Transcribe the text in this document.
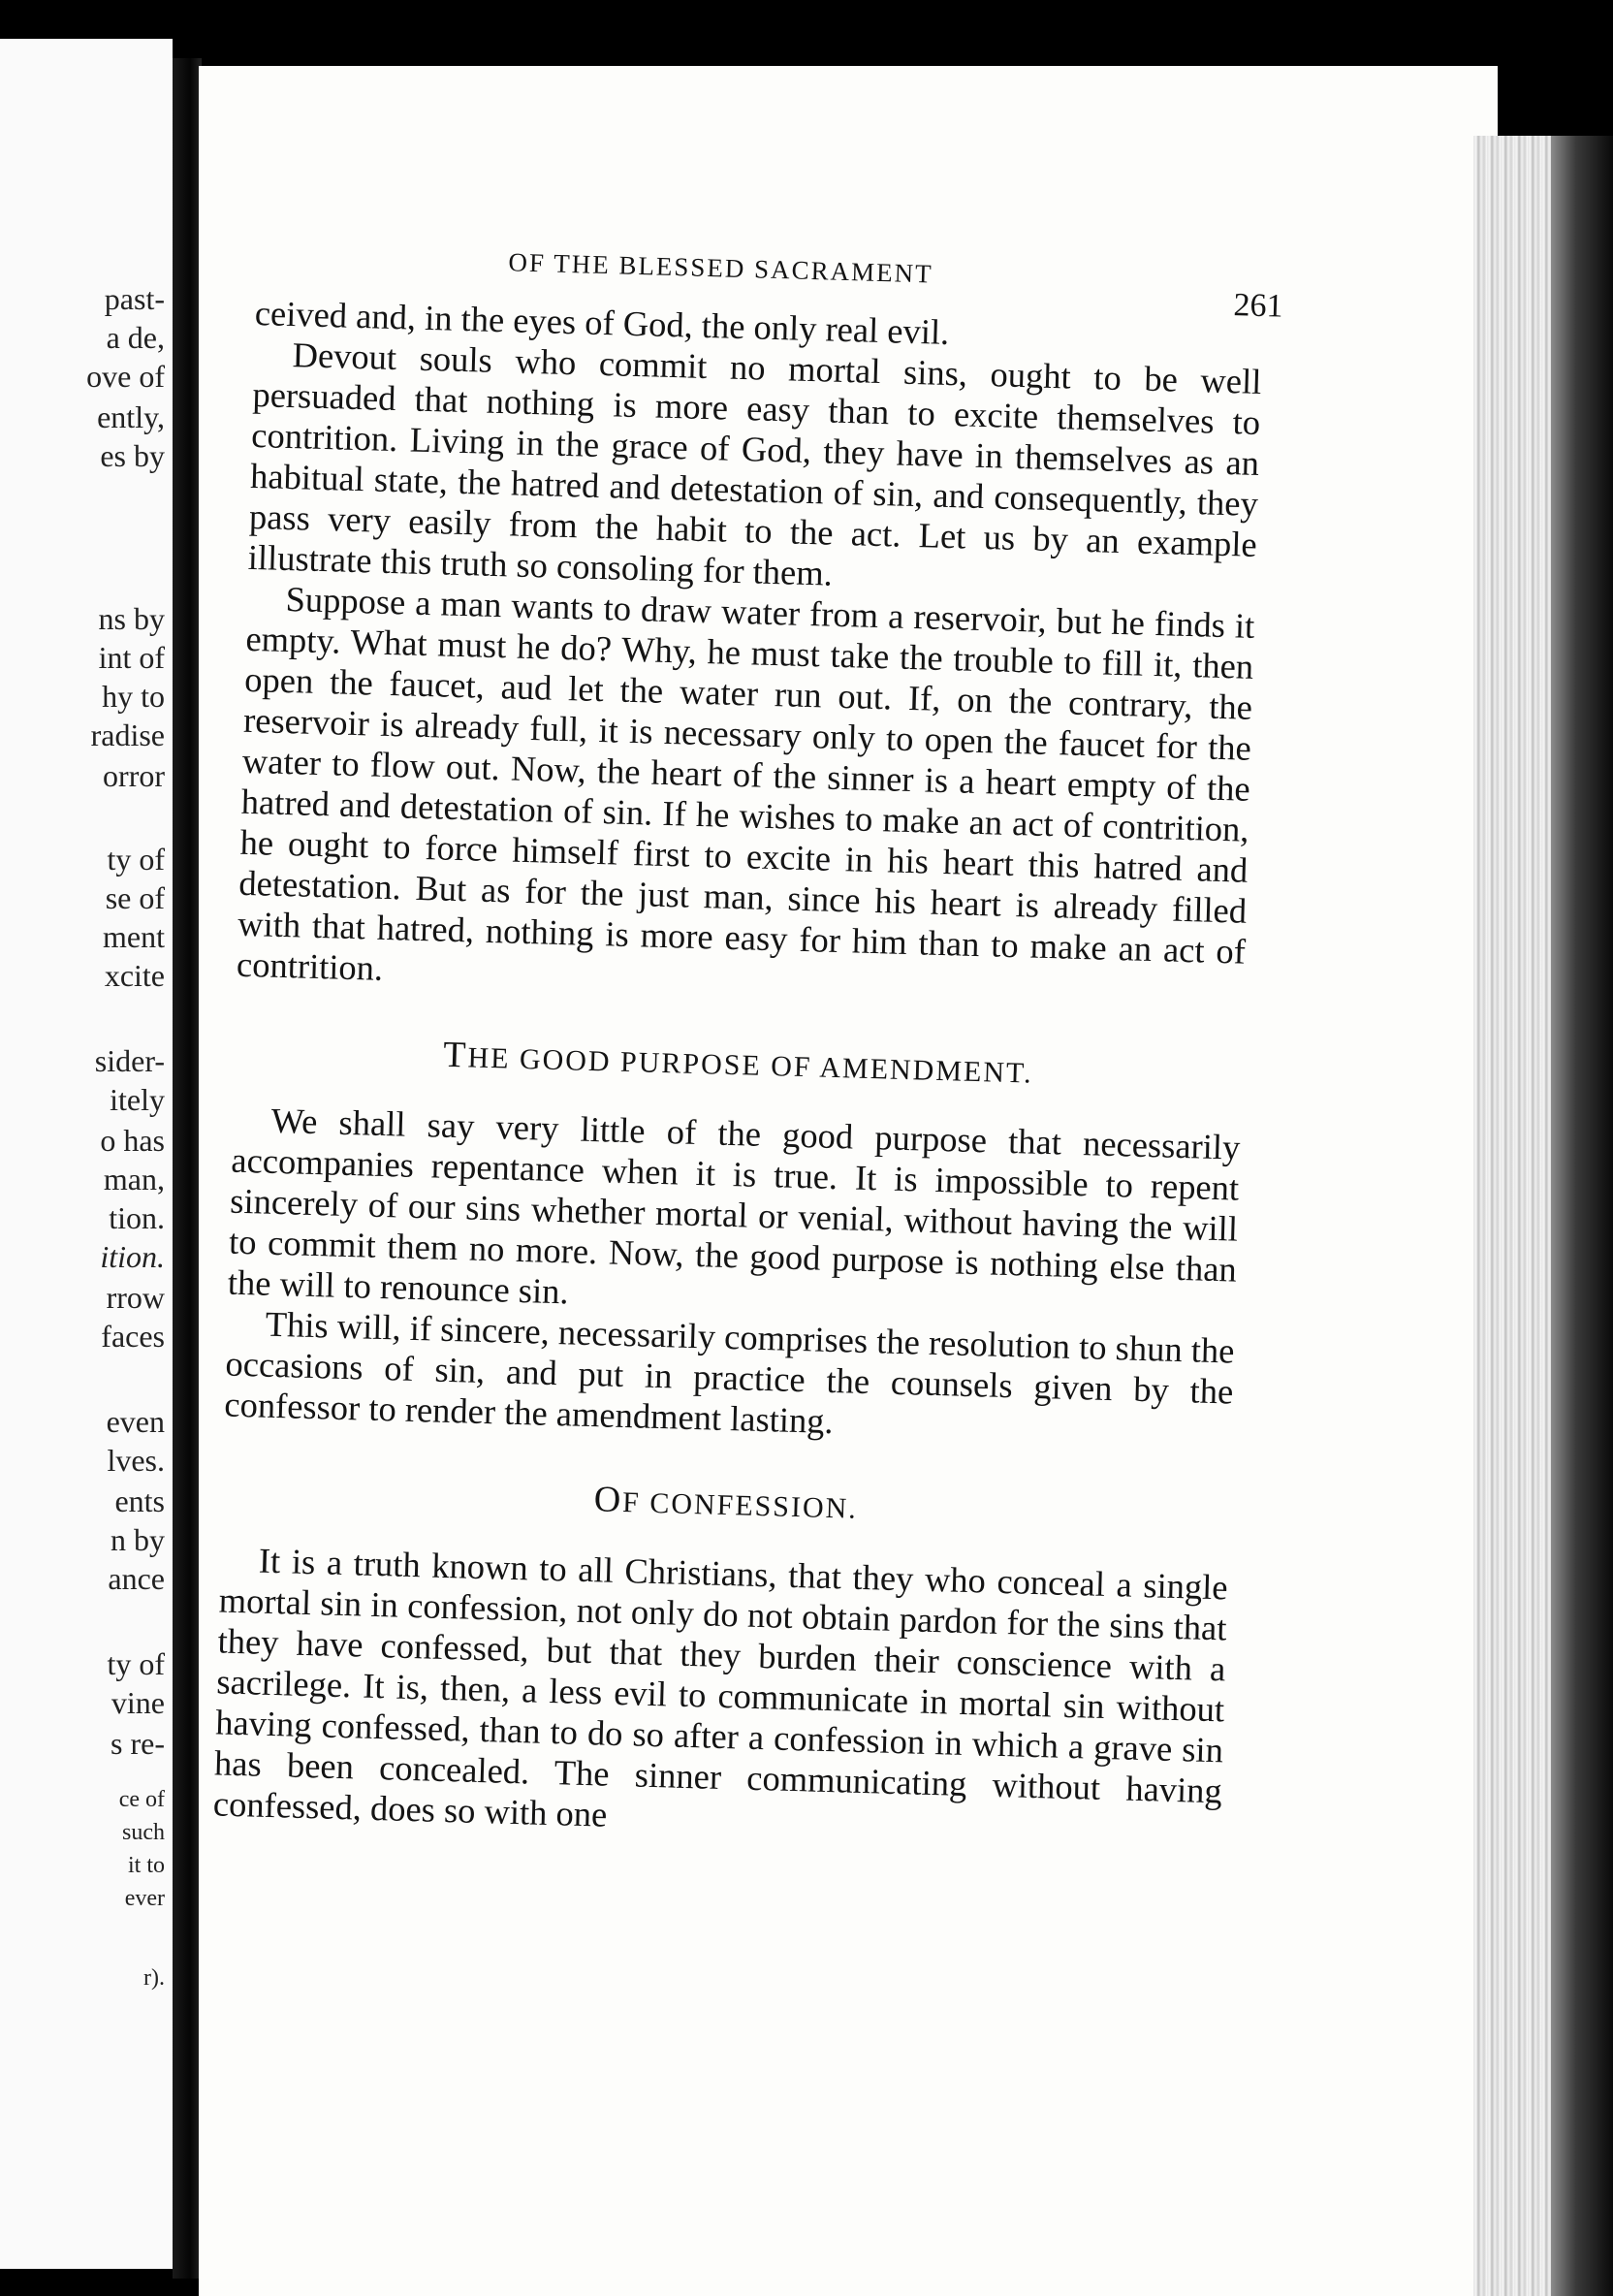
past-
a de,
ove of
ently,
es by
ns by
int of
hy to
radise
orror
ty of
se of
ment
xcite
sider-
itely
o has
man,
tion.
ition.
rrow
faces
even
lves.
ents
n by
ance
ty of
vine
s re-
ce of
such
it to
ever
r).
OF THE BLESSED SACRAMENT
261

ceived and, in the eyes of God, the only real evil.

Devout souls who commit no mortal sins, ought to be well persuaded that nothing is more easy than to excite themselves to contrition. Living in the grace of God, they have in themselves as an habitual state, the hatred and detestation of sin, and consequently, they pass very easily from the habit to the act. Let us by an example illustrate this truth so consoling for them.

Suppose a man wants to draw water from a reservoir, but he finds it empty. What must he do? Why, he must take the trouble to fill it, then open the faucet, aud let the water run out. If, on the contrary, the reservoir is already full, it is necessary only to open the faucet for the water to flow out. Now, the heart of the sinner is a heart empty of the hatred and detestation of sin. If he wishes to make an act of contrition, he ought to force himself first to excite in his heart this hatred and detestation. But as for the just man, since his heart is already filled with that hatred, nothing is more easy for him than to make an act of contrition.

THE GOOD PURPOSE OF AMENDMENT.

We shall say very little of the good purpose that necessarily accompanies repentance when it is true. It is impossible to repent sincerely of our sins whether mortal or venial, without having the will to commit them no more. Now, the good purpose is nothing else than the will to renounce sin.

This will, if sincere, necessarily comprises the resolution to shun the occasions of sin, and put in practice the counsels given by the confessor to render the amendment lasting.

OF CONFESSION.

It is a truth known to all Christians, that they who conceal a single mortal sin in confession, not only do not obtain pardon for the sins that they have confessed, but that they burden their conscience with a sacrilege. It is, then, a less evil to communicate in mortal sin without having confessed, than to do so after a confession in which a grave sin has been concealed. The sinner communicating without having confessed, does so with one
